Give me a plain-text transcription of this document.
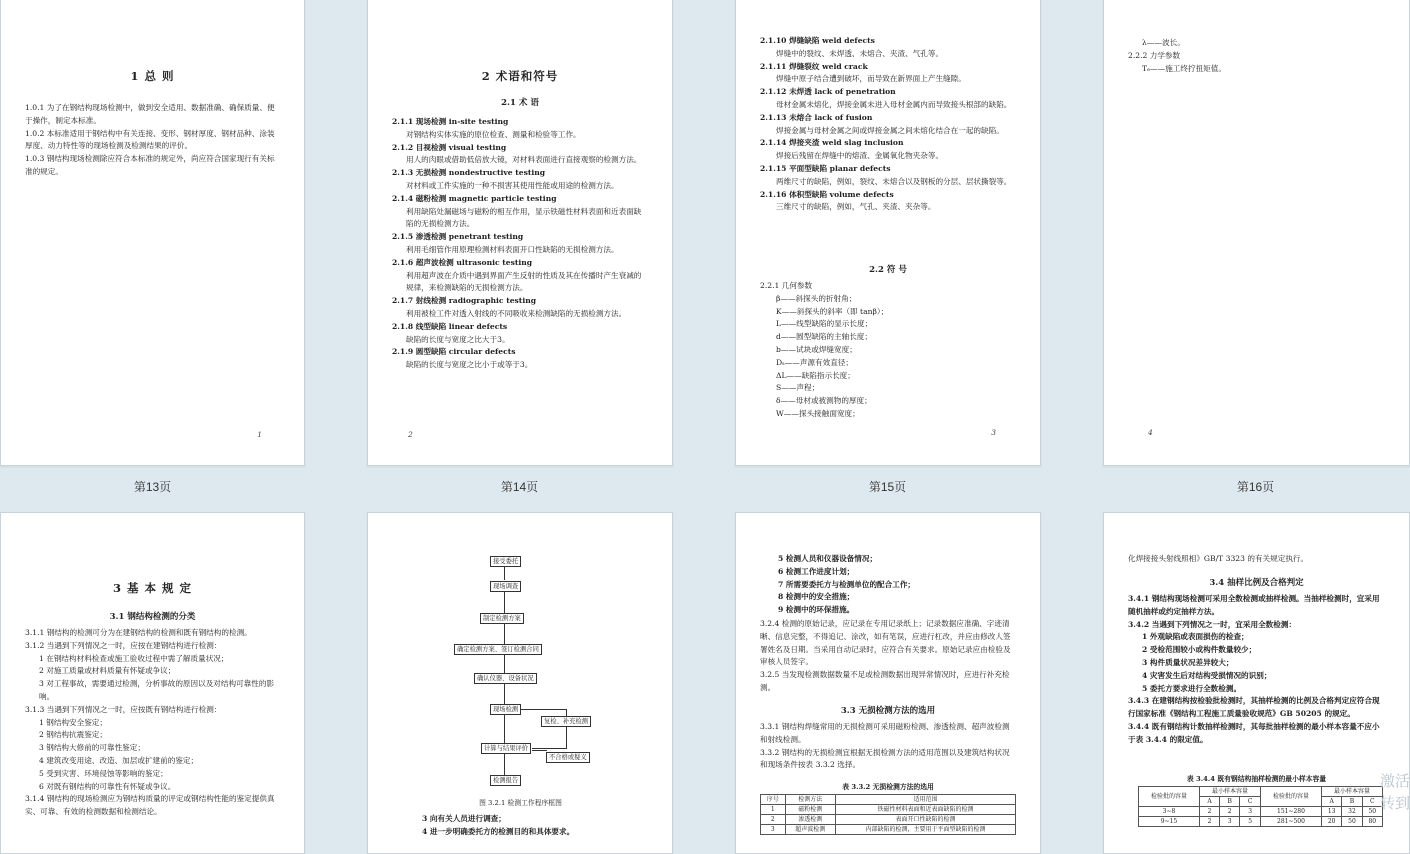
1 总 则
1.0.1 为了在钢结构现场检测中，做到安全适用、数据准确、确保质量、便于操作，制定本标准。
1.0.2 本标准适用于钢结构中有关连接、变形、钢材厚度、钢材品种、涂装厚度、动力特性等的现场检测及检测结果的评价。
1.0.3 钢结构现场检测除应符合本标准的规定外，尚应符合国家现行有关标准的规定。
1
第13页
2 术语和符号
2.1 术 语
2.1.1 现场检测 in-site testing
对钢结构实体实施的原位检查、测量和检验等工作。
2.1.2 目视检测 visual testing
用人的肉眼或借助低倍放大镜，对材料表面进行直接观察的检测方法。
2.1.3 无损检测 nondestructive testing
对材料或工件实施的一种不损害其使用性能或用途的检测方法。
2.1.4 磁粉检测 magnetic particle testing
利用缺陷处漏磁场与磁粉的相互作用，显示铁磁性材料表面和近表面缺陷的无损检测方法。
2.1.5 渗透检测 penetrant testing
利用毛细管作用原理检测材料表面开口性缺陷的无损检测方法。
2.1.6 超声波检测 ultrasonic testing
利用超声波在介质中遇到界面产生反射的性质及其在传播时产生衰减的规律，来检测缺陷的无损检测方法。
2.1.7 射线检测 radiographic testing
利用被检工件对透入射线的不同吸收来检测缺陷的无损检测方法。
2.1.8 线型缺陷 linear defects
缺陷的长度与宽度之比大于3。
2.1.9 圆型缺陷 circular defects
缺陷的长度与宽度之比小于或等于3。
2
第14页
2.1.10 焊缝缺陷 weld defects
焊缝中的裂纹、未焊透、未熔合、夹渣、气孔等。
2.1.11 焊缝裂纹 weld crack
焊缝中原子结合遭到破坏，而导致在新界面上产生缝隙。
2.1.12 未焊透 lack of penetration
母材金属未熔化，焊接金属未进入母材金属内而导致接头根部的缺陷。
2.1.13 未熔合 lack of fusion
焊接金属与母材金属之间或焊接金属之间未熔化结合在一起的缺陷。
2.1.14 焊接夹渣 weld slag inclusion
焊接后残留在焊缝中的熔渣、金属氧化物夹杂等。
2.1.15 平面型缺陷 planar defects
两维尺寸的缺陷，例如，裂纹、未熔合以及钢板的分层、层状撕裂等。
2.1.16 体积型缺陷 volume defects
三维尺寸的缺陷，例如，气孔、夹渣、夹杂等。
2.2 符 号
2.2.1 几何参数
β——斜探头的折射角；
K——斜探头的斜率（即 tanβ）；
L——线型缺陷的显示长度；
d——圆型缺陷的主轴长度；
b——试块或焊缝宽度；
Dₛ——声源有效直径；
ΔL——缺陷指示长度；
S——声程；
δ——母材或被测物的厚度；
W——探头接触面宽度；
3
第15页
λ——波长。
2.2.2 力学参数
Tₑ——施工终拧扭矩值。
4
第16页
3 基 本 规 定
3.1 钢结构检测的分类
3.1.1 钢结构的检测可分为在建钢结构的检测和既有钢结构的检测。
3.1.2 当遇到下列情况之一时，应按在建钢结构进行检测：
1 在钢结构材料检查或施工验收过程中需了解质量状况；
2 对施工质量或材料质量有怀疑或争议；
3 对工程事故，需要通过检测，分析事故的原因以及对结构可靠性的影响。
3.1.3 当遇到下列情况之一时，应按既有钢结构进行检测：
1 钢结构安全鉴定；
2 钢结构抗震鉴定；
3 钢结构大修前的可靠性鉴定；
4 建筑改变用途、改造、加层或扩建前的鉴定；
5 受到灾害、环境侵蚀等影响的鉴定；
6 对既有钢结构的可靠性有怀疑或争议。
3.1.4 钢结构的现场检测应为钢结构质量的评定或钢结构性能的鉴定提供真实、可靠、有效的检测数据和检测结论。
接受委托
现场调查
制定检测方案
确定检测方案、签订检测合同
确认仪器、设备状况
现场检测
复检、补充检测
计算与结果评价
不合格或疑义
检测报告
图 3.2.1 检测工作程序框图
3 向有关人员进行调查；
4 进一步明确委托方的检测目的和具体要求。
5 检测人员和仪器设备情况；
6 检测工作进度计划；
7 所需要委托方与检测单位的配合工作；
8 检测中的安全措施；
9 检测中的环保措施。
3.2.4 检测的原始记录，应记录在专用记录纸上；记录数据应准确、字迹清晰、信息完整，不得追记、涂改，如有笔误，应进行杠改，并应由修改人签署姓名及日期。当采用自动记录时，应符合有关要求。原始记录应由检验及审核人员签字。
3.2.5 当发现检测数据数量不足或检测数据出现异常情况时，应进行补充检测。
3.3 无损检测方法的选用
3.3.1 钢结构焊缝常用的无损检测可采用磁粉检测、渗透检测、超声波检测和射线检测。
3.3.2 钢结构的无损检测宜根据无损检测方法的适用范围以及建筑结构状况和现场条件按表 3.3.2 选择。
表 3.3.2 无损检测方法的选用
序号	检测方法	适用范围
1	磁粉检测	铁磁性材料表面和近表面缺陷的检测
2	渗透检测	表面开口性缺陷的检测
3	超声波检测	内部缺陷的检测，主要用于平面型缺陷的检测
化焊接接头射线照相》GB/T 3323 的有关规定执行。
3.4 抽样比例及合格判定
3.4.1 钢结构现场检测可采用全数检测或抽样检测。当抽样检测时，宜采用随机抽样或约定抽样方法。
3.4.2 当遇到下列情况之一时，宜采用全数检测：
1 外观缺陷或表面损伤的检查；
2 受检范围较小或构件数量较少；
3 构件质量状况差异较大；
4 灾害发生后对结构受损情况的识别；
5 委托方要求进行全数检测。
3.4.3 在建钢结构按检验批检测时，其抽样检测的比例及合格判定应符合现行国家标准《钢结构工程施工质量验收规范》GB 50205 的规定。
3.4.4 既有钢结构计数抽样检测时，其每批抽样检测的最小样本容量不应小于表 3.4.4 的限定值。
表 3.4.4 既有钢结构抽样检测的最小样本容量
检验批的容量	最小样本容量			检验批的容量	最小样本容量		
	A	B	C		A	B	C
3~8	2	2	3	151~280	13	32	50
9~15	2	3	5	281~500	20	50	80
激活
转到
